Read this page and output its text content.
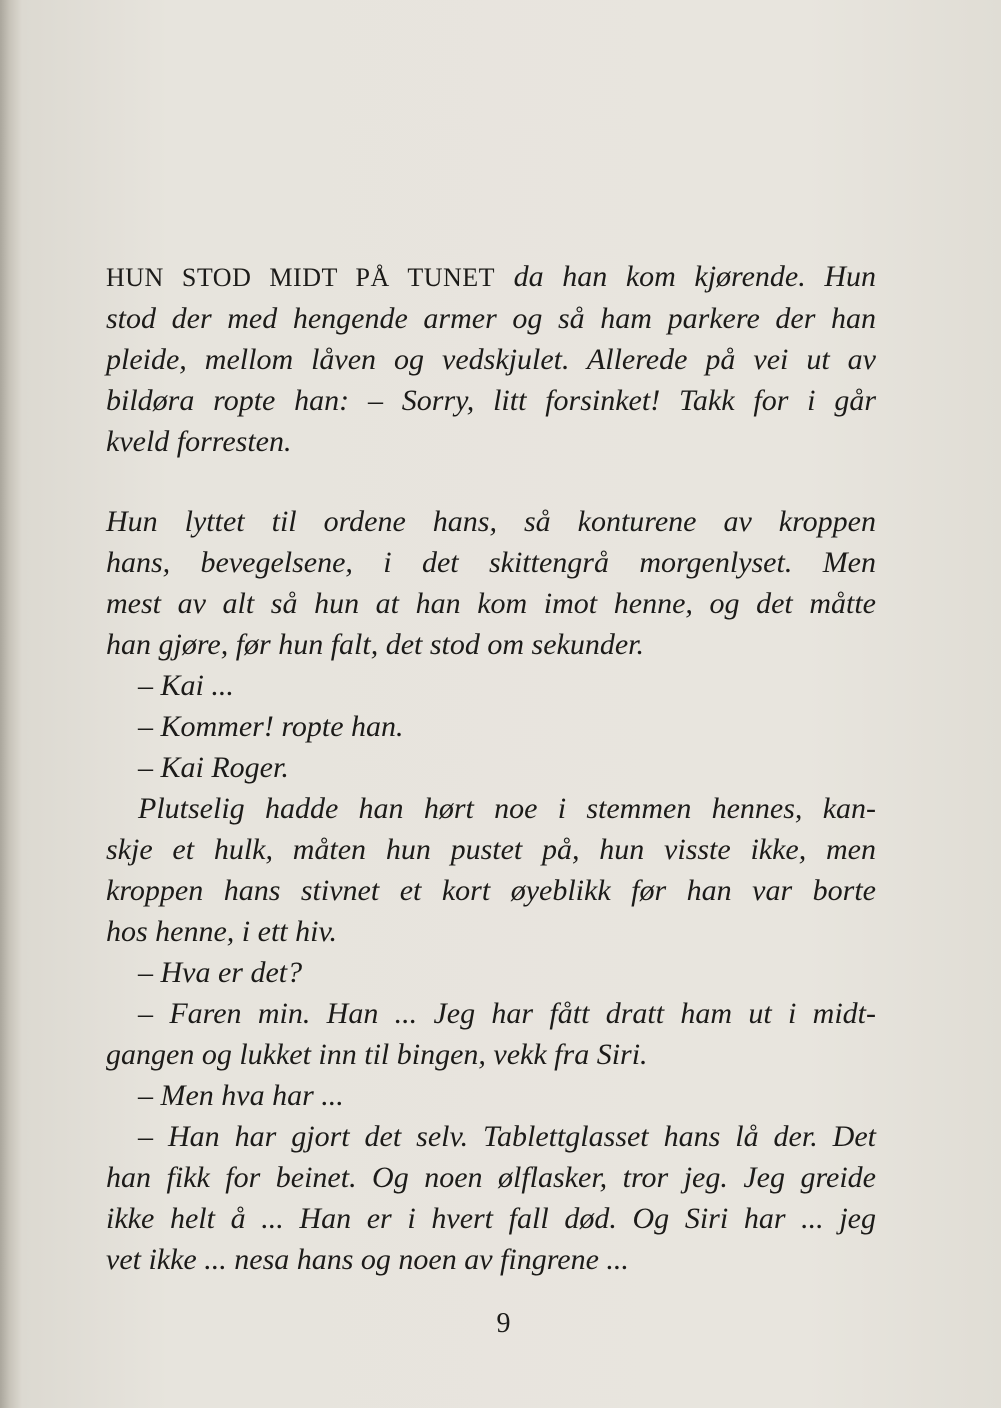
HUN STOD MIDT PÅ TUNET da han kom kjørende. Hun
stod der med hengende armer og så ham parkere der han
pleide, mellom låven og vedskjulet. Allerede på vei ut av
bildøra ropte han: – Sorry, litt forsinket! Takk for i går
kveld forresten.
Hun lyttet til ordene hans, så konturene av kroppen
hans, bevegelsene, i det skittengrå morgenlyset. Men
mest av alt så hun at han kom imot henne, og det måtte
han gjøre, før hun falt, det stod om sekunder.
– Kai ...
– Kommer! ropte han.
– Kai Roger.
Plutselig hadde han hørt noe i stemmen hennes, kan-
skje et hulk, måten hun pustet på, hun visste ikke, men
kroppen hans stivnet et kort øyeblikk før han var borte
hos henne, i ett hiv.
– Hva er det?
– Faren min. Han ... Jeg har fått dratt ham ut i midt-
gangen og lukket inn til bingen, vekk fra Siri.
– Men hva har ...
– Han har gjort det selv. Tablettglasset hans lå der. Det
han fikk for beinet. Og noen ølflasker, tror jeg. Jeg greide
ikke helt å ... Han er i hvert fall død. Og Siri har ... jeg
vet ikke ... nesa hans og noen av fingrene ...
9
